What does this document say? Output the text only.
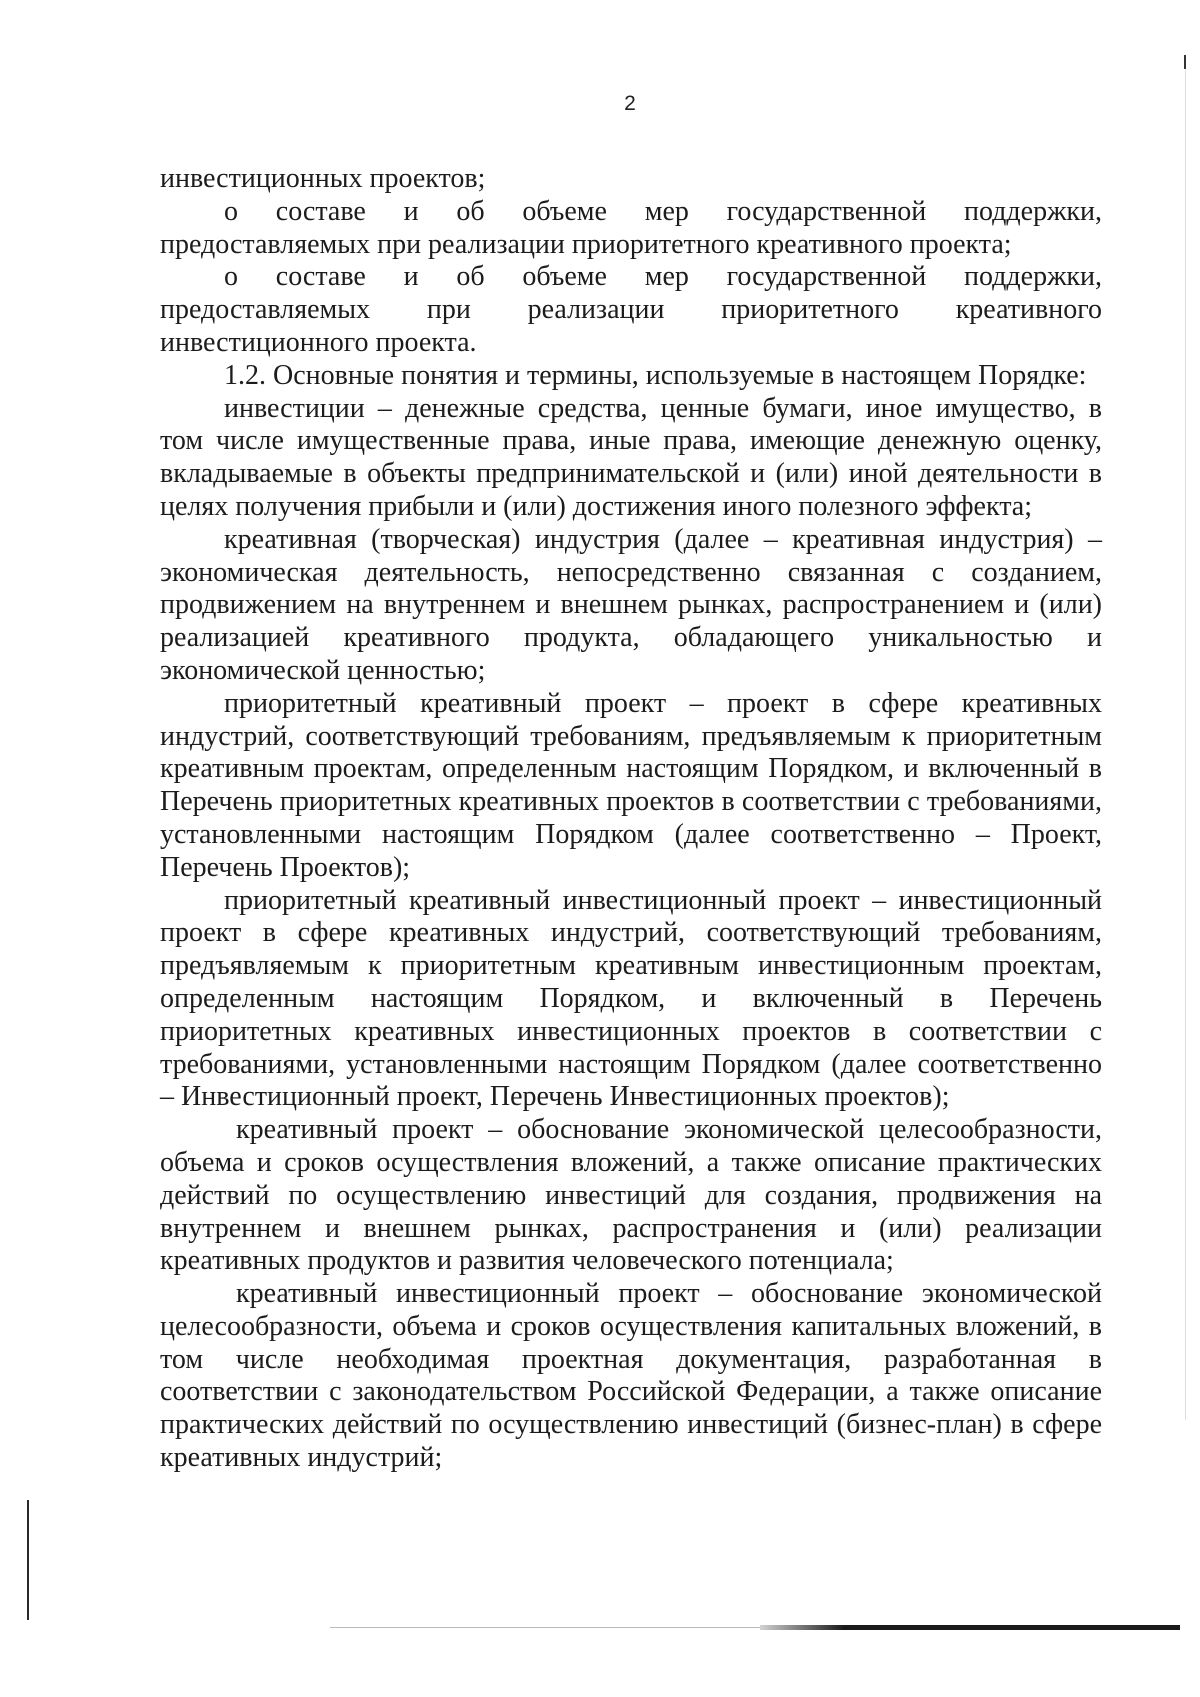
2

инвестиционных проектов;

о составе и об объеме мер государственной поддержки, предоставляемых при реализации приоритетного креативного проекта;

о составе и об объеме мер государственной поддержки, предоставляемых при реализации приоритетного креативного инвестиционного проекта.

1.2. Основные понятия и термины, используемые в настоящем Порядке:

инвестиции – денежные средства, ценные бумаги, иное имущество, в том числе имущественные права, иные права, имеющие денежную оценку, вкладываемые в объекты предпринимательской и (или) иной деятельности в целях получения прибыли и (или) достижения иного полезного эффекта;

креативная (творческая) индустрия (далее – креативная индустрия) – экономическая деятельность, непосредственно связанная с созданием, продвижением на внутреннем и внешнем рынках, распространением и (или) реализацией креативного продукта, обладающего уникальностью и экономической ценностью;

приоритетный креативный проект – проект в сфере креативных индустрий, соответствующий требованиям, предъявляемым к приоритетным креативным проектам, определенным настоящим Порядком, и включенный в Перечень приоритетных креативных проектов в соответствии с требованиями, установленными настоящим Порядком (далее соответственно – Проект, Перечень Проектов);

приоритетный креативный инвестиционный проект – инвестиционный проект в сфере креативных индустрий, соответствующий требованиям, предъявляемым к приоритетным креативным инвестиционным проектам, определенным настоящим Порядком, и включенный в Перечень приоритетных креативных инвестиционных проектов в соответствии с требованиями, установленными настоящим Порядком (далее соответственно – Инвестиционный проект, Перечень Инвестиционных проектов);

креативный проект – обоснование экономической целесообразности, объема и сроков осуществления вложений, а также описание практических действий по осуществлению инвестиций для создания, продвижения на внутреннем и внешнем рынках, распространения и (или) реализации креативных продуктов и развития человеческого потенциала;

креативный инвестиционный проект – обоснование экономической целесообразности, объема и сроков осуществления капитальных вложений, в том числе необходимая проектная документация, разработанная в соответствии с законодательством Российской Федерации, а также описание практических действий по осуществлению инвестиций (бизнес-план) в сфере креативных индустрий;
